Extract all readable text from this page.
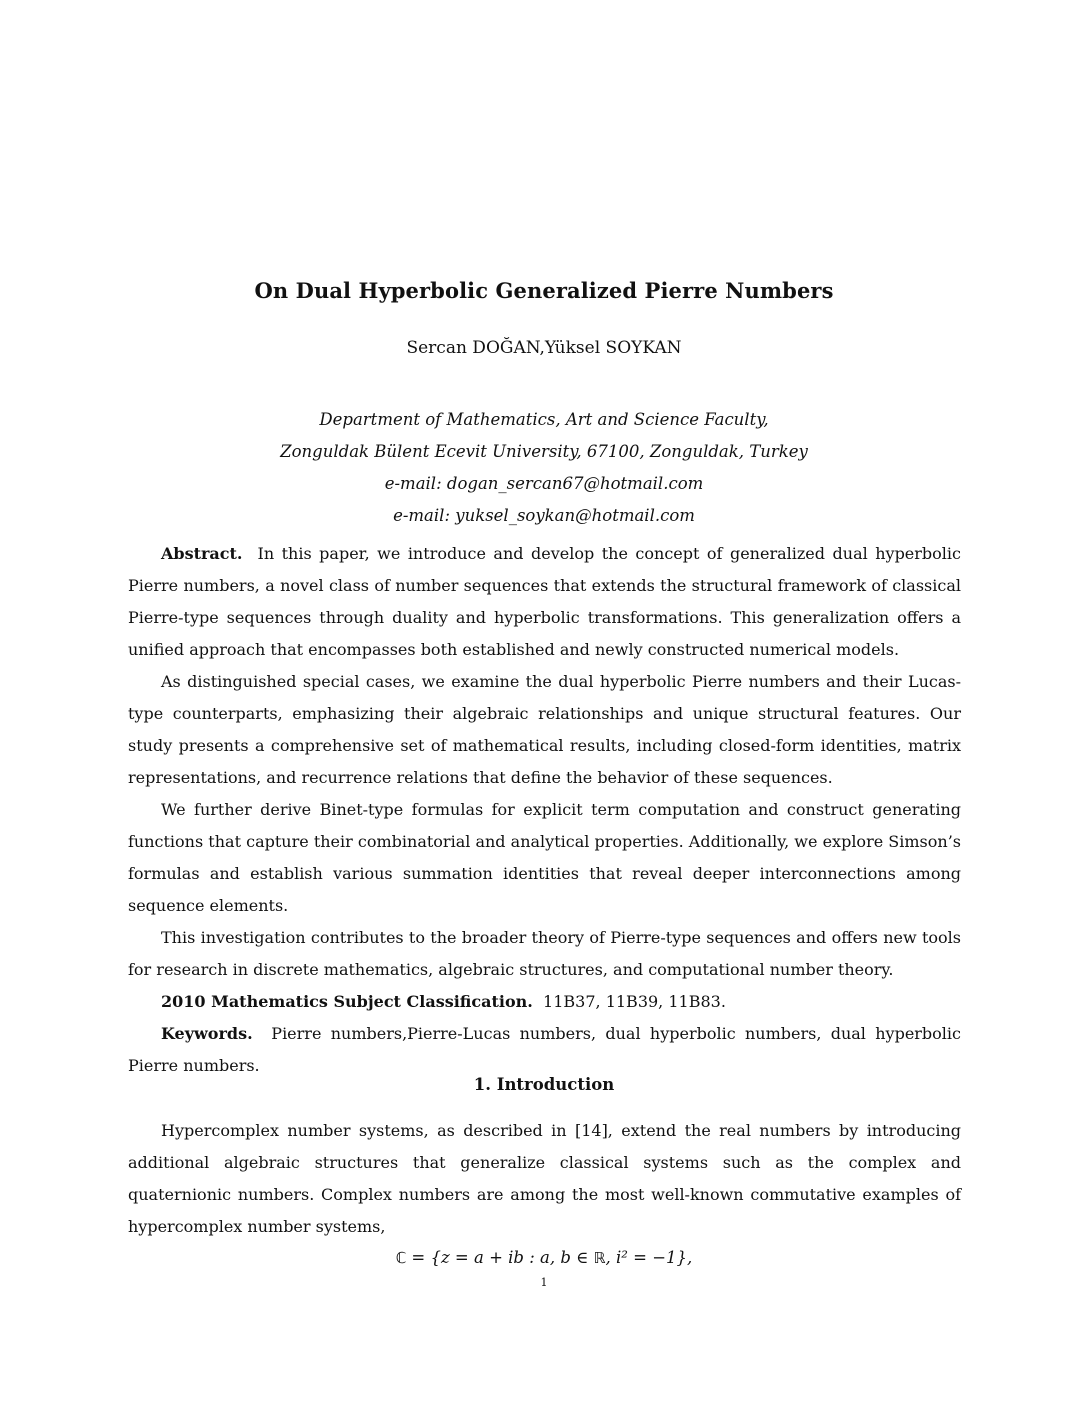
On Dual Hyperbolic Generalized Pierre Numbers
Sercan DOĞAN,Yüksel SOYKAN
Department of Mathematics, Art and Science Faculty,
Zonguldak Bülent Ecevit University, 67100, Zonguldak, Turkey
e-mail: dogan_sercan67@hotmail.com
e-mail: yuksel_soykan@hotmail.com

Abstract. In this paper, we introduce and develop the concept of generalized dual hyperbolic Pierre numbers, a novel class of number sequences that extends the structural framework of classical Pierre-type sequences through duality and hyperbolic transformations. This generalization offers a unified approach that encompasses both established and newly constructed numerical models.

As distinguished special cases, we examine the dual hyperbolic Pierre numbers and their Lucas-type counterparts, emphasizing their algebraic relationships and unique structural features. Our study presents a comprehensive set of mathematical results, including closed-form identities, matrix representations, and recurrence relations that define the behavior of these sequences.

We further derive Binet-type formulas for explicit term computation and construct generating functions that capture their combinatorial and analytical properties. Additionally, we explore Simson’s formulas and establish various summation identities that reveal deeper interconnections among sequence elements.

This investigation contributes to the broader theory of Pierre-type sequences and offers new tools for research in discrete mathematics, algebraic structures, and computational number theory.

2010 Mathematics Subject Classification. 11B37, 11B39, 11B83.

Keywords. Pierre numbers,Pierre-Lucas numbers, dual hyperbolic numbers, dual hyperbolic Pierre numbers.

1. Introduction

Hypercomplex number systems, as described in [14], extend the real numbers by introducing additional algebraic structures that generalize classical systems such as the complex and quaternionic numbers. Complex numbers are among the most well-known commutative examples of hypercomplex number systems,

ℂ = {z = a + ib : a, b ∈ ℝ, i² = −1},
1
